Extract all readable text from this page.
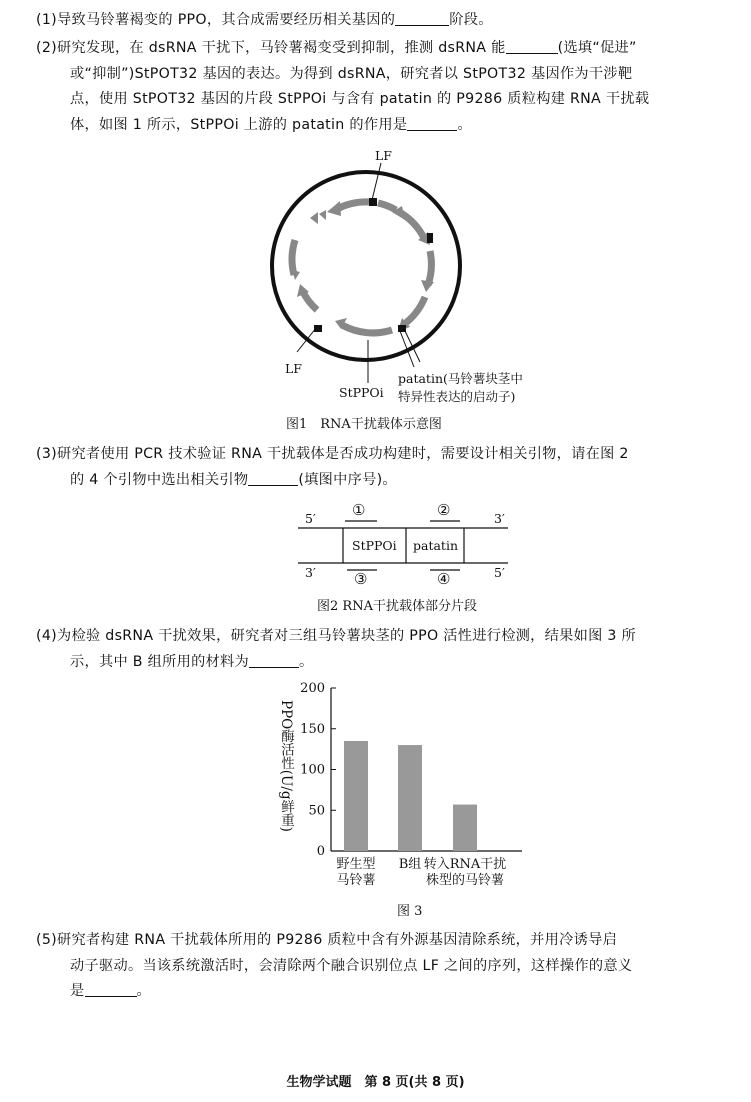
(1)导致马铃薯褐变的 PPO，其合成需要经历相关基因的	阶段。

(2)研究发现，在 dsRNA 干扰下，马铃薯褐变受到抑制，推测 dsRNA 能	(选填“促进”

或“抑制”)StPOT32 基因的表达。为得到 dsRNA，研究者以 StPOT32 基因作为干涉靶

点，使用 StPOT32 基因的片段 StPPOi 与含有 patatin 的 P9286 质粒构建 RNA 干扰载

体，如图 1 所示，StPPOi 上游的 patatin 的作用是	。

LF
LF
StPPOi
patatin(马铃薯块茎中
特异性表达的启动子)
图1　RNA干扰载体示意图

(3)研究者使用 PCR 技术验证 RNA 干扰载体是否成功构建时，需要设计相关引物，请在图 2

的 4 个引物中选出相关引物	(填图中序号)。

5′	3′
3′	5′
①	②
③	④
StPPOi patatin
图2 RNA干扰载体部分片段

(4)为检验 dsRNA 干扰效果，研究者对三组马铃薯块茎的 PPO 活性进行检测，结果如图 3 所

示，其中 B 组所用的材料为	。

0
50
100
150
200
野生型
马铃薯
B组 转入RNA干扰
株型的马铃薯
PPO酶活性(U/g鲜重)
图 3

(5)研究者构建 RNA 干扰载体所用的 P9286 质粒中含有外源基因清除系统，并用冷诱导启

动子驱动。当该系统激活时，会清除两个融合识别位点 LF 之间的序列，这样操作的意义

是	。

生物学试题　第 8 页(共 8 页)
